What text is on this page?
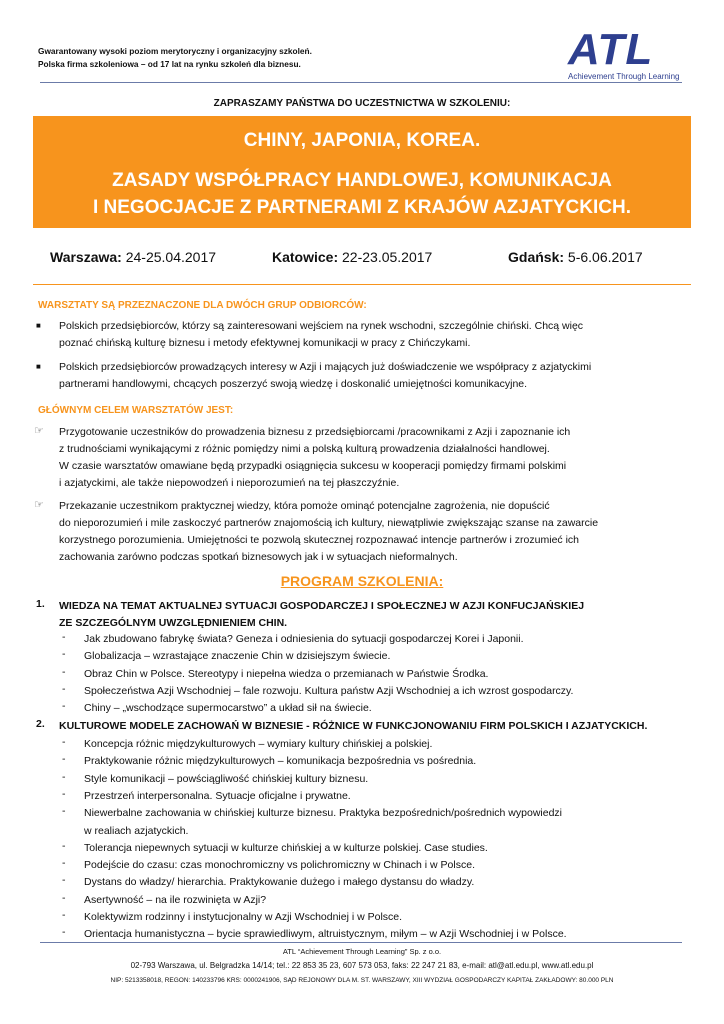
Gwarantowany wysoki poziom merytoryczny i organizacyjny szkoleń.
Polska firma szkoleniowa – od 17 lat na rynku szkoleń dla biznesu.	ATL
Achievement Through Learning
ZAPRASZAMY PAŃSTWA DO UCZESTNICTWA W SZKOLENIU:
CHINY, JAPONIA, KOREA.
ZASADY WSPÓŁPRACY HANDLOWEJ, KOMUNIKACJA
I NEGOCJACJE Z PARTNERAMI Z KRAJÓW AZJATYCKICH.
Warszawa: 24-25.04.2017	Katowice: 22-23.05.2017	Gdańsk: 5-6.06.2017
WARSZTATY SĄ PRZEZNACZONE DLA DWÓCH GRUP ODBIORCÓW:
■ Polskich przedsiębiorców, którzy są zainteresowani wejściem na rynek wschodni, szczególnie chiński. Chcą więc
poznać chińską kulturę biznesu i metody efektywnej komunikacji w pracy z Chińczykami.
■ Polskich przedsiębiorców prowadzących interesy w Azji i mających już doświadczenie we współpracy z azjatyckimi
partnerami handlowymi, chcących poszerzyć swoją wiedzę i doskonalić umiejętności komunikacyjne.
GŁÓWNYM CELEM WARSZTATÓW JEST:
☞ Przygotowanie uczestników do prowadzenia biznesu z przedsiębiorcami /pracownikami z Azji i zapoznanie ich
z trudnościami wynikającymi z różnic pomiędzy nimi a polską kulturą prowadzenia działalności handlowej.
W czasie warsztatów omawiane będą przypadki osiągnięcia sukcesu w kooperacji pomiędzy firmami polskimi
i azjatyckimi, ale także niepowodzeń i nieporozumień na tej płaszczyźnie.
☞ Przekazanie uczestnikom praktycznej wiedzy, która pomoże ominąć potencjalne zagrożenia, nie dopuścić
do nieporozumień i mile zaskoczyć partnerów znajomością ich kultury, niewątpliwie zwiększając szanse na zawarcie
korzystnego porozumienia. Umiejętności te pozwolą skutecznej rozpoznawać intencje partnerów i zrozumieć ich
zachowania zarówno podczas spotkań biznesowych jak i w sytuacjach nieformalnych.
PROGRAM SZKOLENIA:
1. WIEDZA NA TEMAT AKTUALNEJ SYTUACJI GOSPODARCZEJ I SPOŁECZNEJ W AZJI KONFUCJAŃSKIEJ
ZE SZCZEGÓLNYM UWZGLĘDNIENIEM CHIN.
- Jak zbudowano fabrykę świata? Geneza i odniesienia do sytuacji gospodarczej Korei i Japonii.
- Globalizacja – wzrastające znaczenie Chin w dzisiejszym świecie.
- Obraz Chin w Polsce. Stereotypy i niepełna wiedza o przemianach w Państwie Środka.
- Społeczeństwa Azji Wschodniej – fale rozwoju. Kultura państw Azji Wschodniej a ich wzrost gospodarczy.
- Chiny – „wschodzące supermocarstwo” a układ sił na świecie.
2. KULTUROWE MODELE ZACHOWAŃ W BIZNESIE - RÓŻNICE W FUNKCJONOWANIU FIRM POLSKICH I AZJATYCKICH.
- Koncepcja różnic międzykulturowych – wymiary kultury chińskiej a polskiej.
- Praktykowanie różnic międzykulturowych – komunikacja bezpośrednia vs pośrednia.
- Style komunikacji – powściągliwość chińskiej kultury biznesu.
- Przestrzeń interpersonalna. Sytuacje oficjalne i prywatne.
- Niewerbalne zachowania w chińskiej kulturze biznesu. Praktyka bezpośrednich/pośrednich wypowiedzi
w realiach azjatyckich.
- Tolerancja niepewnych sytuacji w kulturze chińskiej a w kulturze polskiej. Case studies.
- Podejście do czasu: czas monochromiczny vs polichromiczny w Chinach i w Polsce.
- Dystans do władzy/ hierarchia. Praktykowanie dużego i małego dystansu do władzy.
- Asertywność – na ile rozwinięta w Azji?
- Kolektywizm rodzinny i instytucjonalny w Azji Wschodniej i w Polsce.
- Orientacja humanistyczna – bycie sprawiedliwym, altruistycznym, miłym – w Azji Wschodniej i w Polsce.
ATL “Achievement Through Learning” Sp. z o.o.
02-793 Warszawa, ul. Belgradzka 14/14; tel.: 22 853 35 23, 607 573 053, faks: 22 247 21 83, e-mail: atl@atl.edu.pl, www.atl.edu.pl
NIP: 5213358018, REGON: 140233796 KRS: 0000241906, SĄD REJONOWY DLA M. ST. WARSZAWY, XIII WYDZIAŁ GOSPODARCZY KAPITAŁ ZAKŁADOWY: 80.000 PLN
